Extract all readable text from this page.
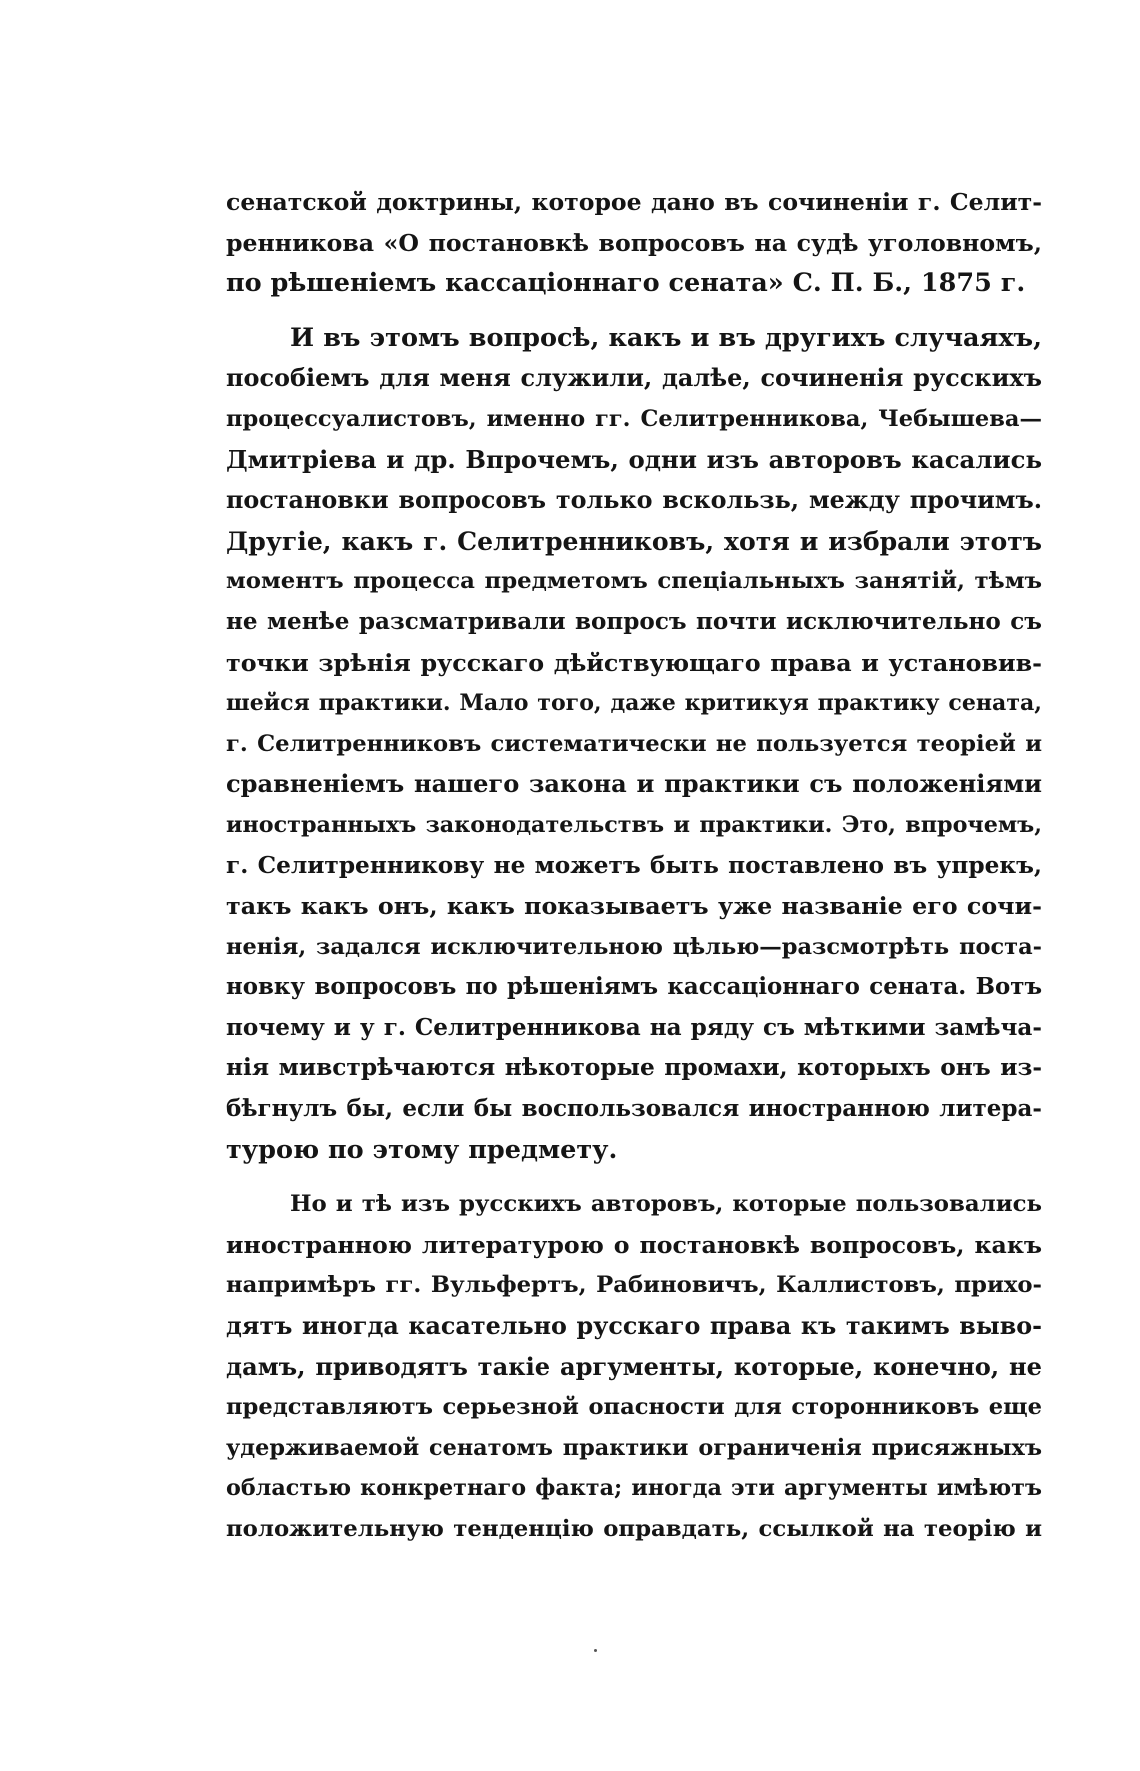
сенатской доктрины, которое дано въ сочиненіи г. Селит-
ренникова «О постановкѣ вопросовъ на судѣ уголовномъ,
по рѣшеніемъ кассаціоннаго сената» С. П. Б., 1875 г.

И въ этомъ вопросѣ, какъ и въ другихъ случаяхъ,
пособіемъ для меня служили, далѣе, сочиненія русскихъ
процессуалистовъ, именно гг. Селитренникова, Чебышева—
Дмитріева и др. Впрочемъ, одни изъ авторовъ касались
постановки вопросовъ только вскользь, между прочимъ.
Другіе, какъ г. Селитренниковъ, хотя и избрали этотъ
моментъ процесса предметомъ спеціальныхъ занятій, тѣмъ
не менѣе разсматривали вопросъ почти исключительно съ
точки зрѣнія русскаго дѣйствующаго права и установив-
шейся практики. Мало того, даже критикуя практику сената,
г. Селитренниковъ систематически не пользуется теоріей и
сравненіемъ нашего закона и практики съ положеніями
иностранныхъ законодательствъ и практики. Это, впрочемъ,
г. Селитренникову не можетъ быть поставлено въ упрекъ,
такъ какъ онъ, какъ показываетъ уже названіе его сочи-
ненія, задался исключительною цѣлью—разсмотрѣть поста-
новку вопросовъ по рѣшеніямъ кассаціоннаго сената. Вотъ
почему и у г. Селитренникова на ряду съ мѣткими замѣча-
нія мивстрѣчаются нѣкоторые промахи, которыхъ онъ из-
бѣгнулъ бы, если бы воспользовался иностранною литера-
турою по этому предмету.

Но и тѣ изъ русскихъ авторовъ, которые пользовались
иностранною литературою о постановкѣ вопросовъ, какъ
напримѣръ гг. Вульфертъ, Рабиновичъ, Каллистовъ, прихо-
дятъ иногда касательно русскаго права къ такимъ выво-
дамъ, приводятъ такіе аргументы, которые, конечно, не
представляютъ серьезной опасности для сторонниковъ еще
удерживаемой сенатомъ практики ограниченія присяжныхъ
областью конкретнаго факта; иногда эти аргументы имѣютъ
положительную тенденцію оправдать, ссылкой на теорію и
